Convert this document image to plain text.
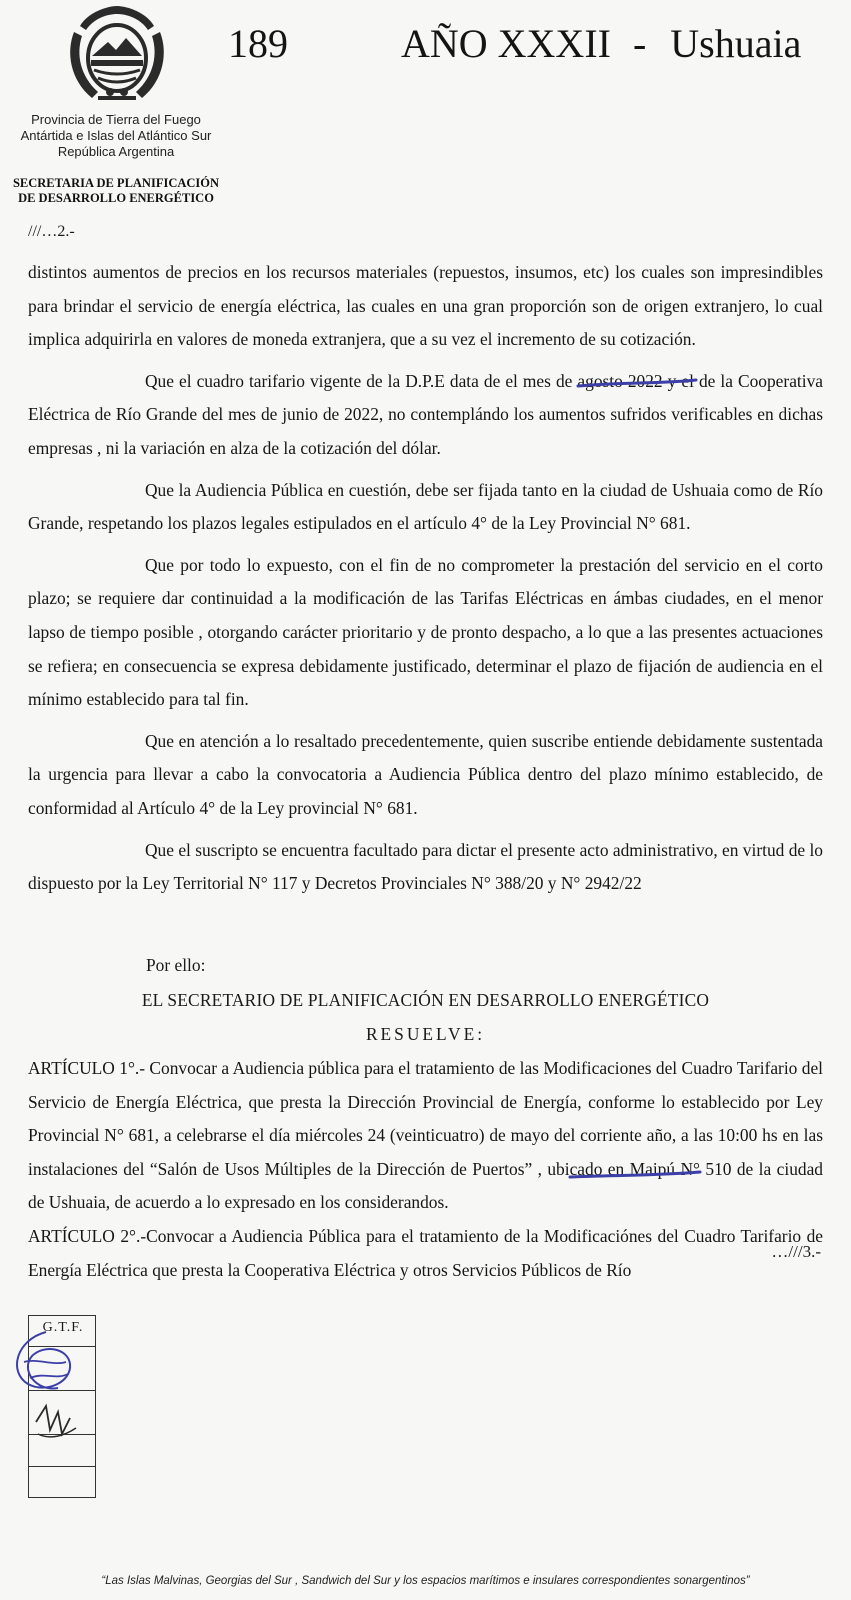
189	AÑO XXXII - Ushuaia
Provincia de Tierra del Fuego
Antártida e Islas del Atlántico Sur
República Argentina
SECRETARIA DE PLANIFICACIÓN
DE DESARROLLO ENERGÉTICO
///…2.-

distintos aumentos de precios en los recursos materiales (repuestos, insumos, etc) los cuales son impresindibles para brindar el servicio de energía eléctrica, las cuales en una gran proporción son de origen extranjero, lo cual implica adquirirla en valores de moneda extranjera, que a su vez el incremento de su cotización.

Que el cuadro tarifario vigente de la D.P.E data de el mes de agosto 2022 y el de la Cooperativa Eléctrica de Río Grande del mes de junio de 2022, no contemplándo los aumentos sufridos verificables en dichas empresas , ni la variación en alza de la cotización del dólar.

Que la Audiencia Pública en cuestión, debe ser fijada tanto en la ciudad de Ushuaia como de Río Grande, respetando los plazos legales estipulados en el artículo 4° de la Ley Provincial N° 681.

Que por todo lo expuesto, con el fin de no comprometer la prestación del servicio en el corto plazo; se requiere dar continuidad a la modificación de las Tarifas Eléctricas en ámbas ciudades, en el menor lapso de tiempo posible , otorgando carácter prioritario y de pronto despacho, a lo que a las presentes actuaciones se refiera; en consecuencia se expresa debidamente justificado, determinar el plazo de fijación de audiencia en el mínimo establecido para tal fin.

Que en atención a lo resaltado precedentemente, quien suscribe entiende debidamente sustentada la urgencia para llevar a cabo la convocatoria a Audiencia Pública dentro del plazo mínimo establecido, de conformidad al Artículo 4° de la Ley provincial N° 681.

Que el suscripto se encuentra facultado para dictar el presente acto administrativo, en virtud de lo dispuesto por la Ley Territorial N° 117 y Decretos Provinciales N° 388/20 y N° 2942/22

Por ello:
EL SECRETARIO DE PLANIFICACIÓN EN DESARROLLO ENERGÉTICO
RESUELVE:

ARTÍCULO 1°.- Convocar a Audiencia pública para el tratamiento de las Modificaciones del Cuadro Tarifario del Servicio de Energía Eléctrica, que presta la Dirección Provincial de Energía, conforme lo establecido por Ley Provincial N° 681, a celebrarse el día miércoles 24 (veinticuatro) de mayo del corriente año, a las 10:00 hs en las instalaciones del “Salón de Usos Múltiples de la Dirección de Puertos” , ubicado en Maipú N° 510 de la ciudad de Ushuaia, de acuerdo a lo expresado en los considerandos.

ARTÍCULO 2°.-Convocar a Audiencia Pública para el tratamiento de la Modificaciónes del Cuadro Tarifario de Energía Eléctrica que presta la Cooperativa Eléctrica y otros Servicios Públicos de Río

…///3.-
G.T.F.
“Las Islas Malvinas, Georgias del Sur , Sandwich del Sur y los espacios marítimos e insulares correspondientes sonargentinos”
